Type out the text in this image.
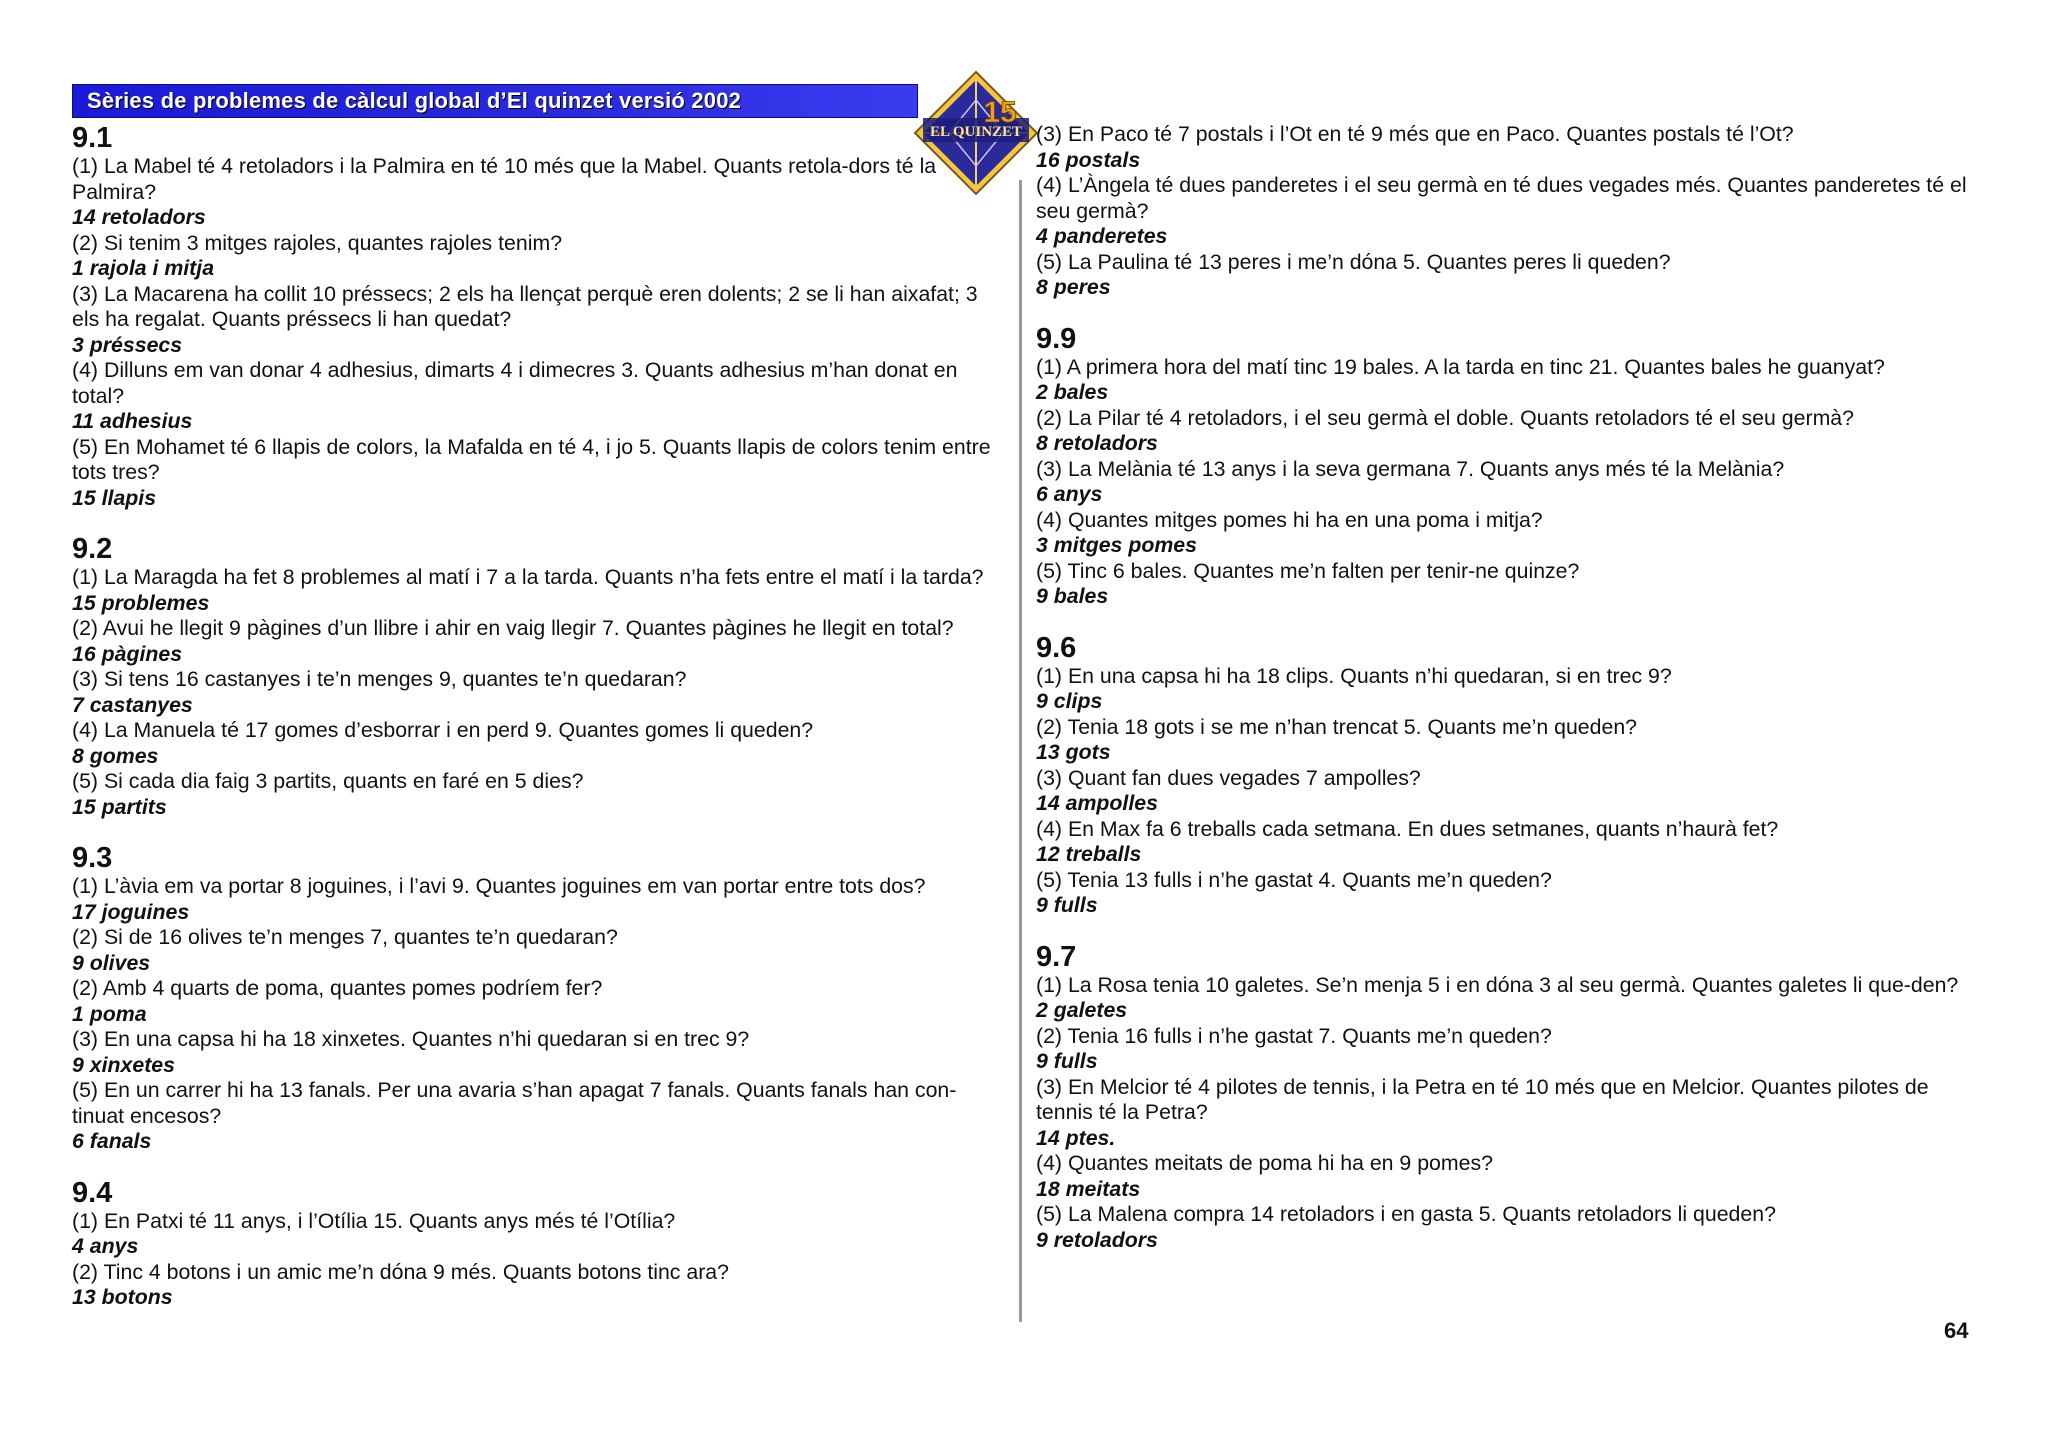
Sèries de problemes de càlcul global d’El quinzet versió 2002
EL QUINZET
15
9.1

(1) La Mabel té 4 retoladors i la Palmira en té 10 més que la Mabel. Quants retola-dors té la Palmira?

14 retoladors

(2) Si tenim 3 mitges rajoles, quantes rajoles tenim?

1 rajola i mitja

(3) La Macarena ha collit 10 préssecs; 2 els ha llençat perquè eren dolents; 2 se li han aixafat; 3 els ha regalat. Quants préssecs li han quedat?

3 préssecs

(4) Dilluns em van donar 4 adhesius, dimarts 4 i dimecres 3. Quants adhesius m’han donat en total?

11 adhesius

(5) En Mohamet té 6 llapis de colors, la Mafalda en té 4, i jo 5. Quants llapis de colors tenim entre tots tres?

15 llapis

9.2

(1) La Maragda ha fet 8 problemes al matí i 7 a la tarda. Quants n’ha fets entre el matí i la tarda?

15 problemes

(2) Avui he llegit 9 pàgines d’un llibre i ahir en vaig llegir 7. Quantes pàgines he llegit en total?

16 pàgines

(3) Si tens 16 castanyes i te’n menges 9, quantes te’n quedaran?

7 castanyes

(4) La Manuela té 17 gomes d’esborrar i en perd 9. Quantes gomes li queden?

8 gomes

(5) Si cada dia faig 3 partits, quants en faré en 5 dies?

15 partits

9.3

(1) L’àvia em va portar 8 joguines, i l’avi 9. Quantes joguines em van portar entre tots dos?

17 joguines

(2) Si de 16 olives te’n menges 7, quantes te’n quedaran?

9 olives

(2) Amb 4 quarts de poma, quantes pomes podríem fer?

1 poma

(3) En una capsa hi ha 18 xinxetes. Quantes n’hi quedaran si en trec 9?

9 xinxetes

(5) En un carrer hi ha 13 fanals. Per una avaria s’han apagat 7 fanals. Quants fanals han con-tinuat encesos?

6 fanals

9.4

(1) En Patxi té 11 anys, i l’Otília 15. Quants anys més té l’Otília?

4 anys

(2) Tinc 4 botons i un amic me’n dóna 9 més. Quants botons tinc ara?

13 botons

(3) En Paco té 7 postals i l’Ot en té 9 més que en Paco. Quantes postals té l’Ot?

16 postals

(4) L’Àngela té dues panderetes i el seu germà en té dues vegades més. Quantes panderetes té el seu germà?

4 panderetes

(5) La Paulina té 13 peres i me’n dóna 5. Quantes peres li queden?

8 peres

9.9

(1) A primera hora del matí tinc 19 bales. A la tarda en tinc 21. Quantes bales he guanyat?

2 bales

(2) La Pilar té 4 retoladors, i el seu germà el doble. Quants retoladors té el seu germà?

8 retoladors

(3) La Melània té 13 anys i la seva germana 7. Quants anys més té la Melània?

6 anys

(4) Quantes mitges pomes hi ha en una poma i mitja?

3 mitges pomes

(5) Tinc 6 bales. Quantes me’n falten per tenir-ne quinze?

9 bales

9.6

(1) En una capsa hi ha 18 clips. Quants n’hi quedaran, si en trec 9?

9 clips

(2) Tenia 18 gots i se me n’han trencat 5. Quants me’n queden?

13 gots

(3) Quant fan dues vegades 7 ampolles?

14 ampolles

(4) En Max fa 6 treballs cada setmana. En dues setmanes, quants n’haurà fet?

12 treballs

(5) Tenia 13 fulls i n’he gastat 4. Quants me’n queden?

9 fulls

9.7

(1) La Rosa tenia 10 galetes. Se’n menja 5 i en dóna 3 al seu germà. Quantes galetes li que-den?

2 galetes

(2) Tenia 16 fulls i n’he gastat 7. Quants me’n queden?

9 fulls

(3) En Melcior té 4 pilotes de tennis, i la Petra en té 10 més que en Melcior. Quantes pilotes de tennis té la Petra?

14 ptes.

(4) Quantes meitats de poma hi ha en 9 pomes?

18 meitats

(5) La Malena compra 14 retoladors i en gasta 5. Quants retoladors li queden?

9 retoladors

64
